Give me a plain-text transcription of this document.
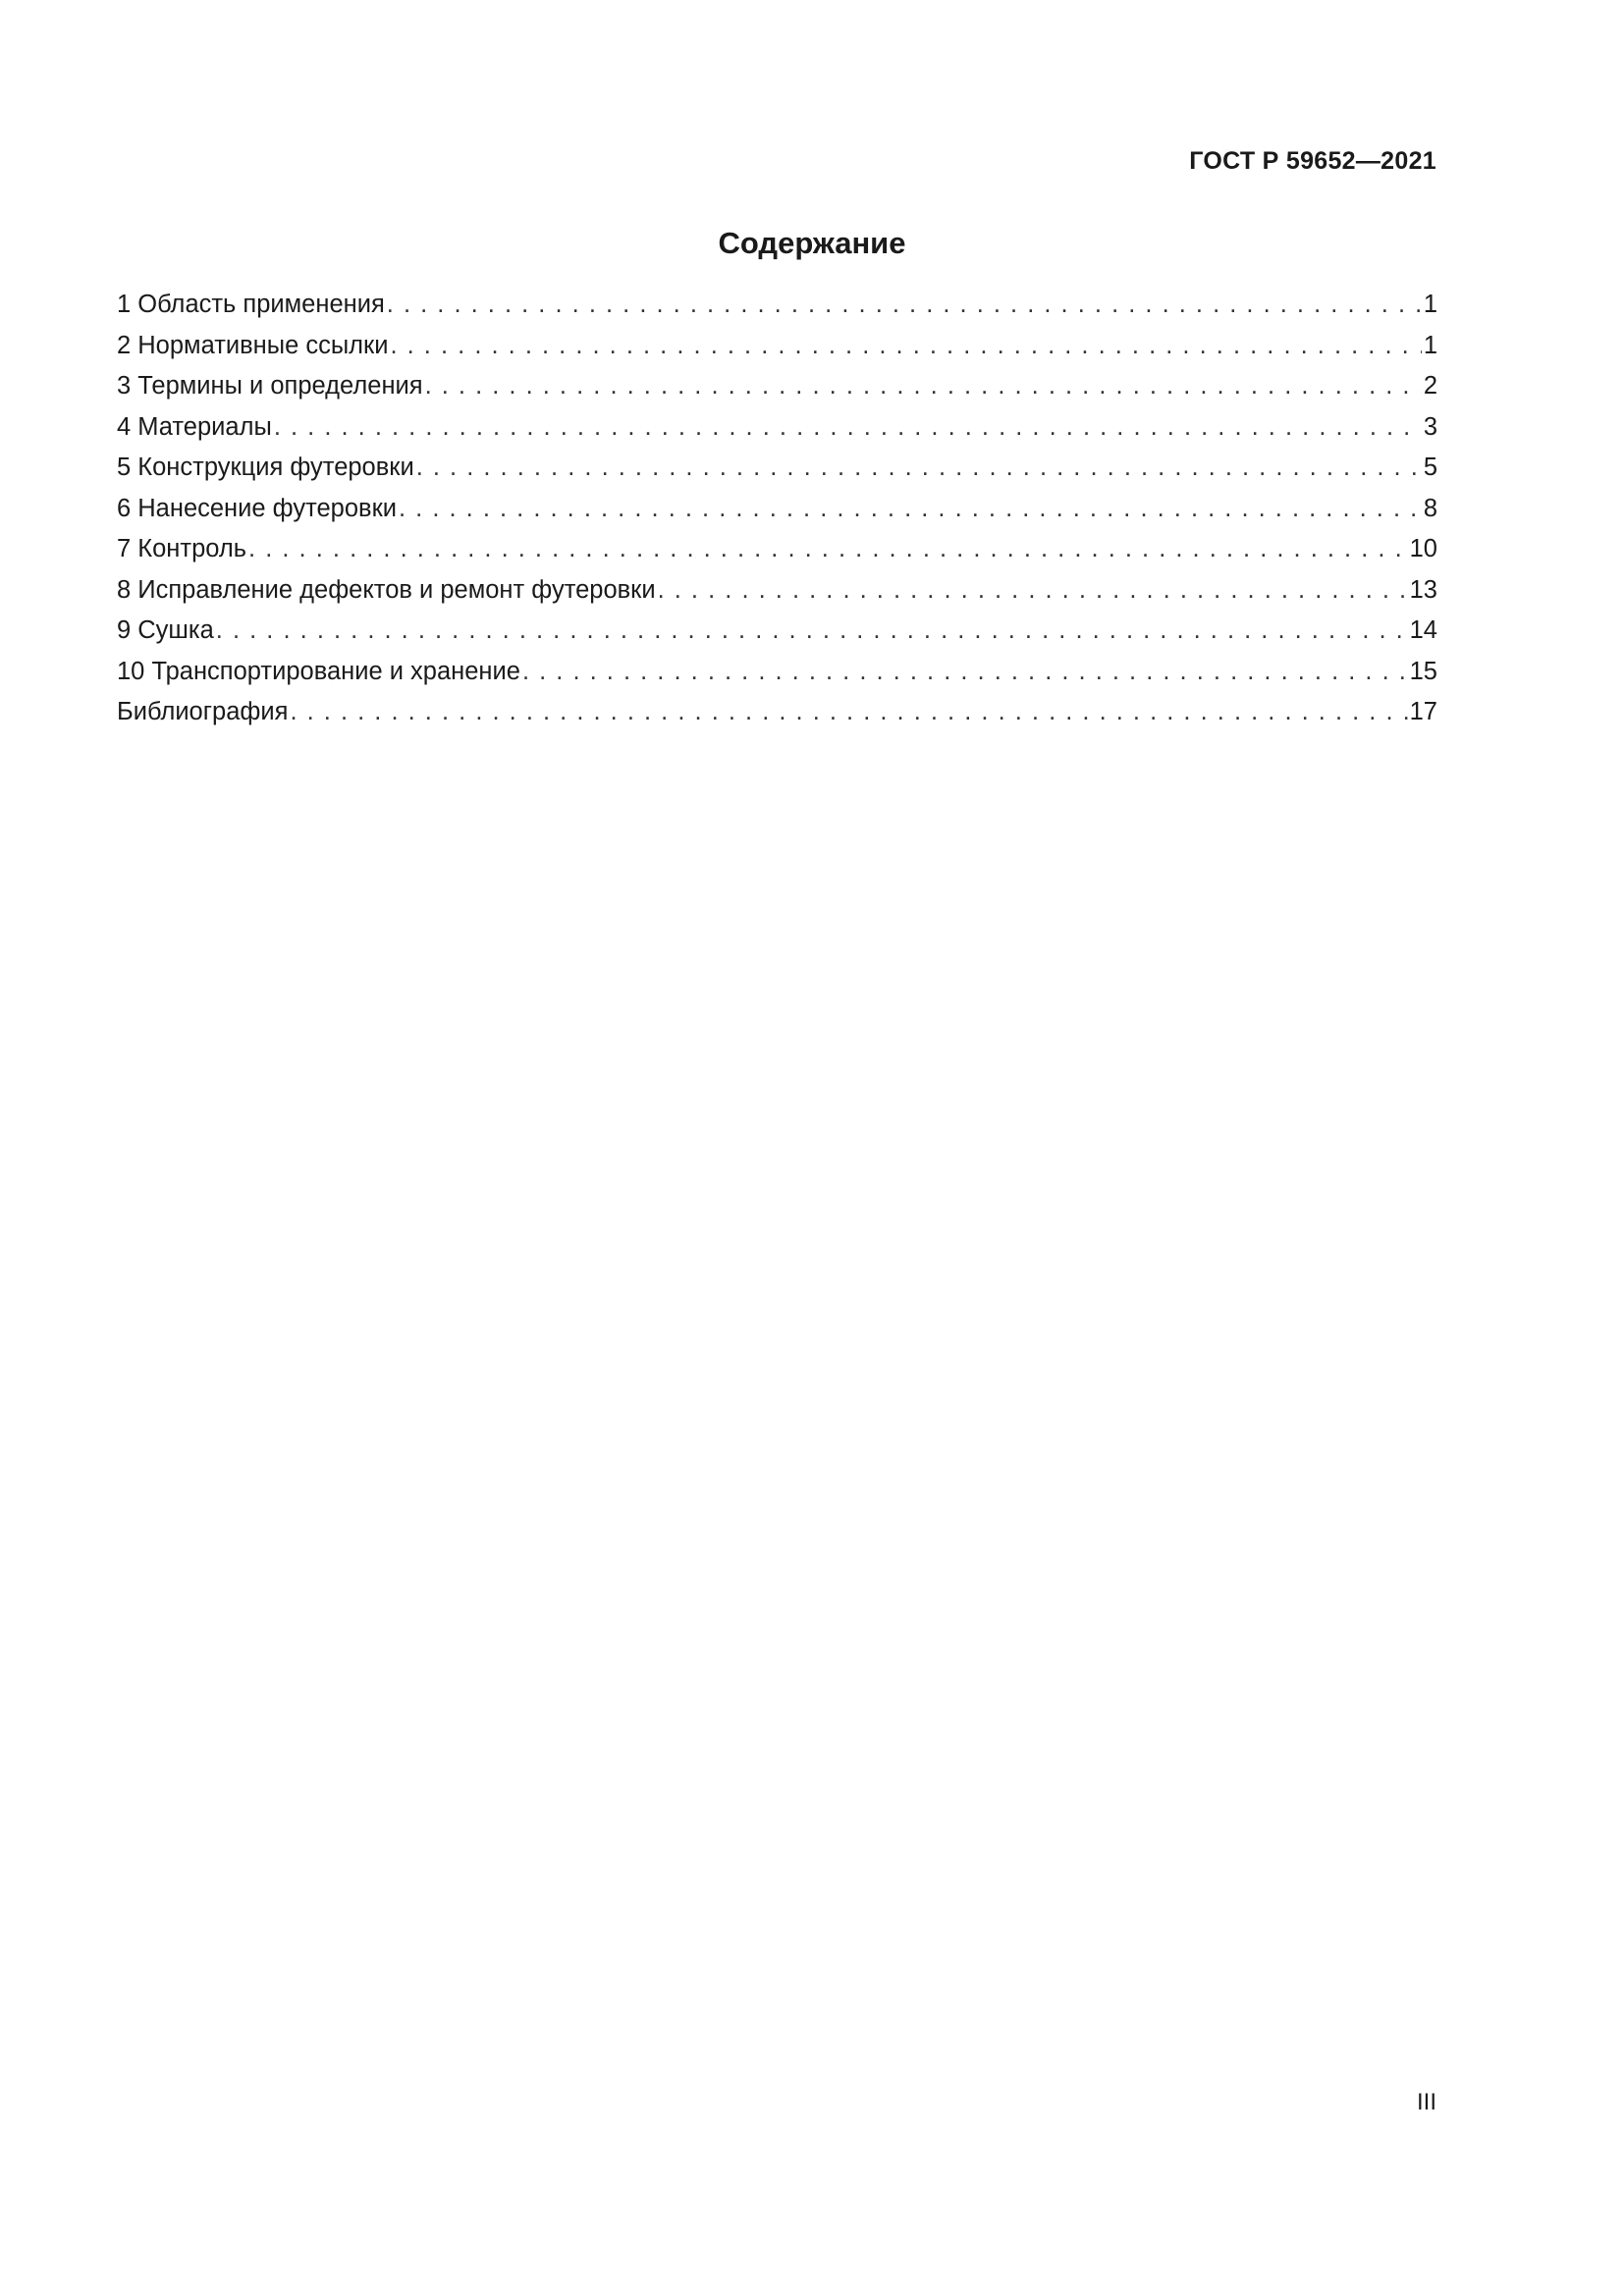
ГОСТ Р 59652—2021
Содержание
1 Область применения . . .	1
2 Нормативные ссылки . . .	1
3 Термины и определения . . .	2
4 Материалы . . .	3
5 Конструкция футеровки . . .	5
6 Нанесение футеровки . . .	8
7 Контроль . . .	10
8 Исправление дефектов и ремонт футеровки . . .	13
9 Сушка . . .	14
10 Транспортирование и хранение . . .	15
Библиография . . .	17
III
